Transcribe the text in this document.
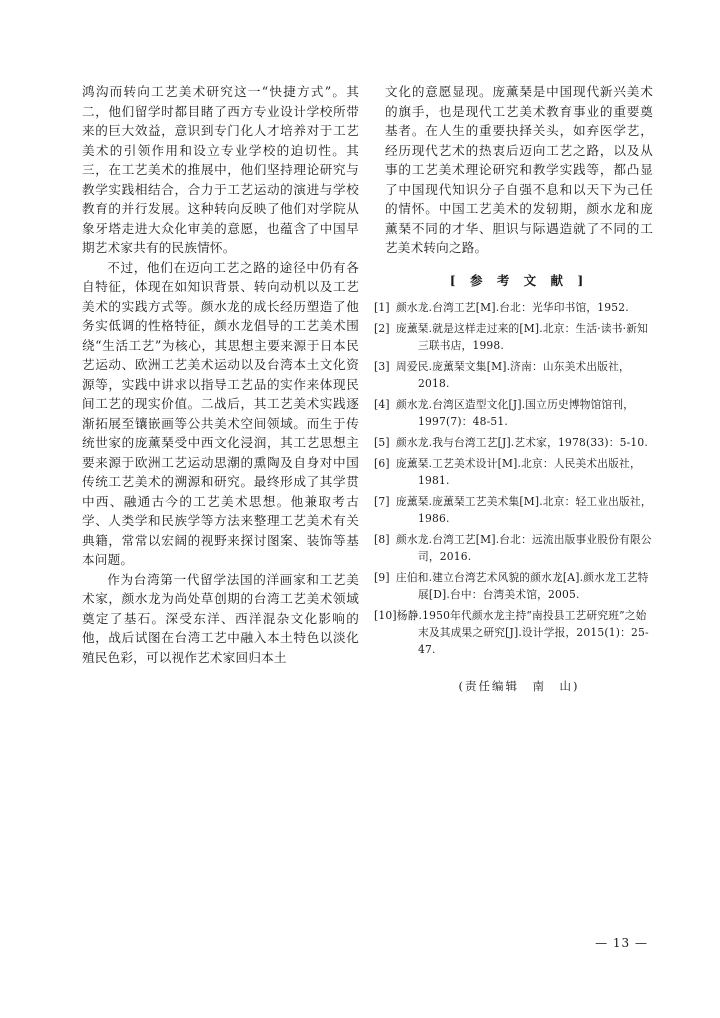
鸿沟而转向工艺美术研究这一“快捷方式”。其二，他们留学时都目睹了西方专业设计学校所带来的巨大效益，意识到专门化人才培养对于工艺美术的引领作用和设立专业学校的迫切性。其三，在工艺美术的推展中，他们坚持理论研究与教学实践相结合，合力于工艺运动的演进与学校教育的并行发展。这种转向反映了他们对学院从象牙塔走进大众化审美的意愿，也蕴含了中国早期艺术家共有的民族情怀。

不过，他们在迈向工艺之路的途径中仍有各自特征，体现在如知识背景、转向动机以及工艺美术的实践方式等。颜水龙的成长经历塑造了他务实低调的性格特征，颜水龙倡导的工艺美术围绕“生活工艺”为核心，其思想主要来源于日本民艺运动、欧洲工艺美术运动以及台湾本土文化资源等，实践中讲求以指导工艺品的实作来体现民间工艺的现实价值。二战后，其工艺美术实践逐渐拓展至镶嵌画等公共美术空间领域。而生于传统世家的庞薰琹受中西文化浸润，其工艺思想主要来源于欧洲工艺运动思潮的熏陶及自身对中国传统工艺美术的溯源和研究。最终形成了其学贯中西、融通古今的工艺美术思想。他兼取考古学、人类学和民族学等方法来整理工艺美术有关典籍，常常以宏阔的视野来探讨图案、装饰等基本问题。

作为台湾第一代留学法国的洋画家和工艺美术家，颜水龙为尚处草创期的台湾工艺美术领域奠定了基石。深受东洋、西洋混杂文化影响的他，战后试图在台湾工艺中融入本土特色以淡化殖民色彩，可以视作艺术家回归本土

文化的意愿显现。庞薰琹是中国现代新兴美术的旗手，也是现代工艺美术教育事业的重要奠基者。在人生的重要抉择关头，如弃医学艺，经历现代艺术的热衷后迈向工艺之路，以及从事的工艺美术理论研究和教学实践等，都凸显了中国现代知识分子自强不息和以天下为己任的情怀。中国工艺美术的发轫期，颜水龙和庞薰琹不同的才华、胆识与际遇造就了不同的工艺美术转向之路。

[ 参 考 文 献 ]
[1] 颜水龙.台湾工艺[M].台北：光华印书馆，1952.
[2] 庞薰琹.就是这样走过来的[M].北京：生活·读书·新知三联书店，1998.
[3] 周爱民.庞薰琹文集[M].济南：山东美术出版社，2018.
[4] 颜水龙.台湾区造型文化[J].国立历史博物馆馆刊，1997(7)：48-51.
[5] 颜水龙.我与台湾工艺[J].艺术家，1978(33)：5-10.
[6] 庞薰琹.工艺美术设计[M].北京：人民美术出版社，1981.
[7] 庞薰琹.庞薰琹工艺美术集[M].北京：轻工业出版社，1986.
[8] 颜水龙.台湾工艺[M].台北：远流出版事业股份有限公司，2016.
[9] 庄伯和.建立台湾艺术风貌的颜水龙[A].颜水龙工艺特展[D].台中：台湾美术馆，2005.
[10]杨静.1950年代颜水龙主持“南投县工艺研究班”之始末及其成果之研究[J].设计学报，2015(1)：25-47.
(责任编辑　南　山)
— 13 —
